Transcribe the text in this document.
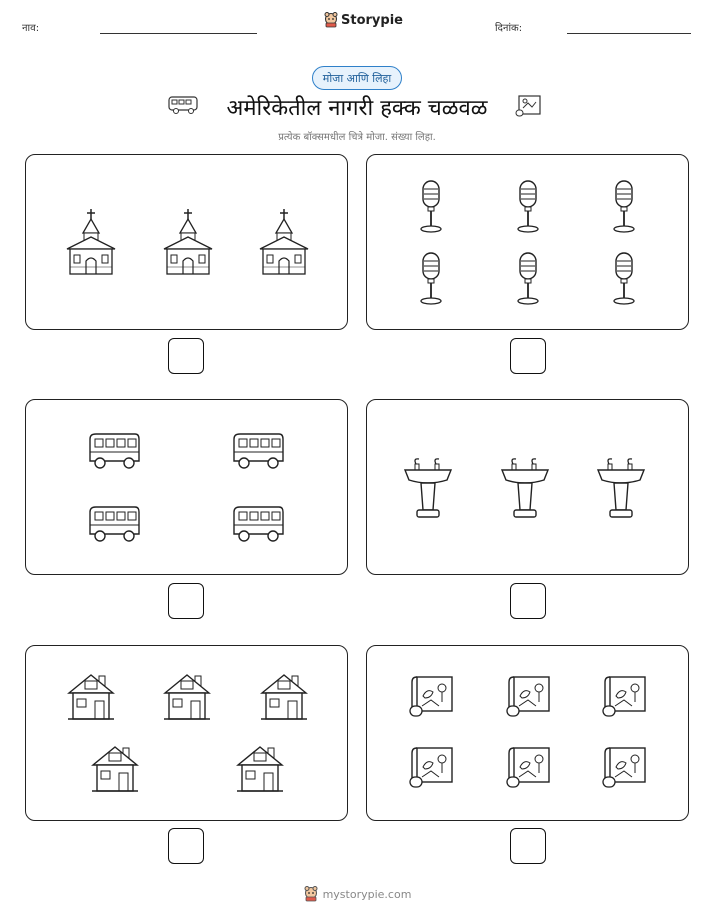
नाव:
Storypie
दिनांक:
मोजा आणि लिहा
अमेरिकेतील नागरी हक्क चळवळ
प्रत्येक बॉक्समधील चित्रे मोजा. संख्या लिहा.
mystorypie.com
